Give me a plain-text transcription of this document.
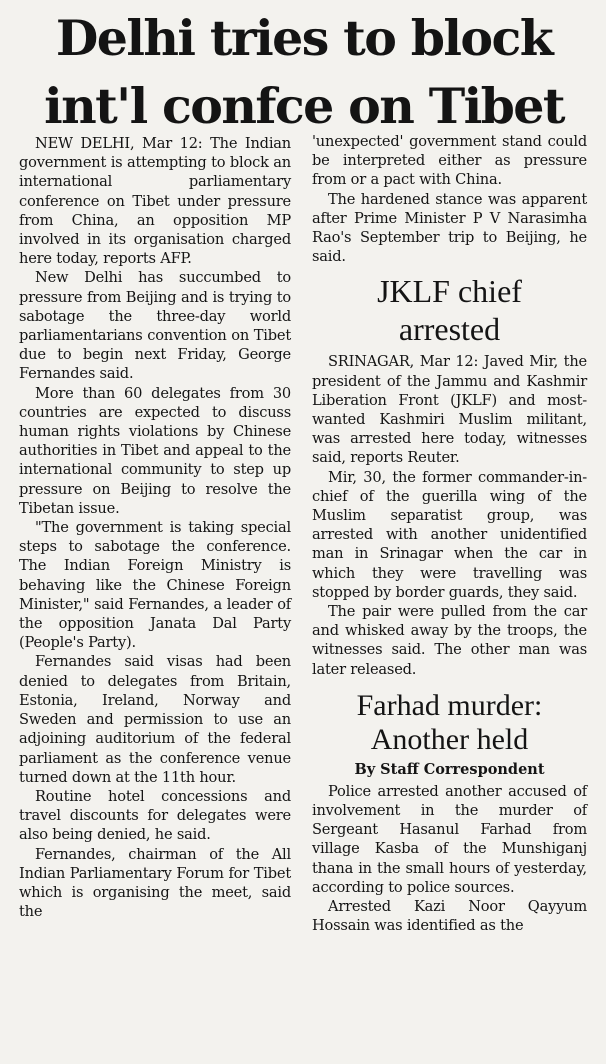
Delhi tries to block
int'l confce on Tibet

NEW DELHI, Mar 12: The Indian government is attempting to block an international parliamentary conference on Tibet under pressure from China, an opposition MP involved in its organisation charged here today, reports AFP.

New Delhi has succumbed to pressure from Beijing and is trying to sabotage the three-day world parliamentarians convention on Tibet due to begin next Friday, George Fernandes said.

More than 60 delegates from 30 countries are expected to discuss human rights violations by Chinese authorities in Tibet and appeal to the international community to step up pressure on Beijing to resolve the Tibetan issue.

"The government is taking special steps to sabotage the conference. The Indian Foreign Ministry is behaving like the Chinese Foreign Minister," said Fernandes, a leader of the opposition Janata Dal Party (People's Party).

Fernandes said visas had been denied to delegates from Britain, Estonia, Ireland, Norway and Sweden and permission to use an adjoining auditorium of the federal parliament as the conference venue turned down at the 11th hour.

Routine hotel concessions and travel discounts for delegates were also being denied, he said.

Fernandes, chairman of the All Indian Parliamentary Forum for Tibet which is organising the meet, said the

'unexpected' government stand could be interpreted either as pressure from or a pact with China.

The hardened stance was apparent after Prime Minister P V Narasimha Rao's September trip to Beijing, he said.

JKLF chief
arrested

SRINAGAR, Mar 12: Javed Mir, the president of the Jammu and Kashmir Liberation Front (JKLF) and most-wanted Kashmiri Muslim militant, was arrested here today, witnesses said, reports Reuter.

Mir, 30, the former commander-in-chief of the guerilla wing of the Muslim separatist group, was arrested with another unidentified man in Srinagar when the car in which they were travelling was stopped by border guards, they said.

The pair were pulled from the car and whisked away by the troops, the witnesses said. The other man was later released.

Farhad murder:
Another held
By Staff Correspondent

Police arrested another accused of involvement in the murder of Sergeant Hasanul Farhad from village Kasba of the Munshiganj thana in the small hours of yesterday, according to police sources.

Arrested Kazi Noor Qayyum Hossain was identified as the
